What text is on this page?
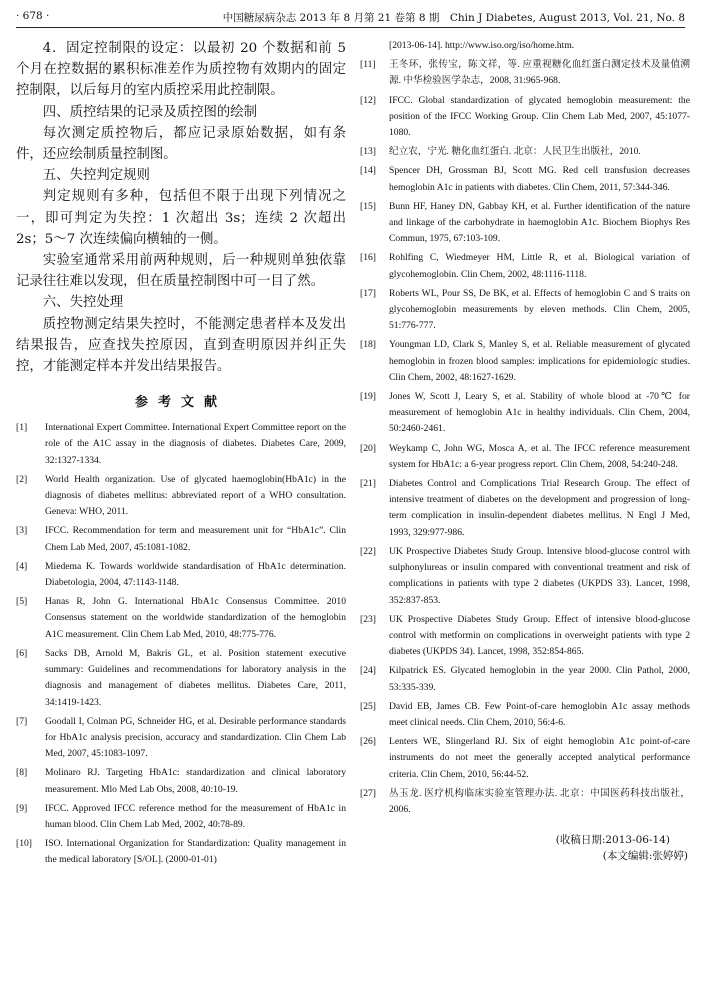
· 678 ·	中国糖尿病杂志 2013 年 8 月第 21 卷第 8 期　Chin J Diabetes, August 2013, Vol. 21, No. 8

4．固定控制限的设定：以最初 20 个数据和前 5 个月在控数据的累积标准差作为质控物有效期内的固定控制限，以后每月的室内质控采用此控制限。

四、质控结果的记录及质控图的绘制

每次测定质控物后，都应记录原始数据，如有条件，还应绘制质量控制图。

五、失控判定规则

判定规则有多种，包括但不限于出现下列情况之一，即可判定为失控：1 次超出 3s；连续 2 次超出 2s；5～7 次连续偏向横轴的一侧。

实验室通常采用前两种规则，后一种规则单独依靠记录往往难以发现，但在质量控制图中可一目了然。

六、失控处理

质控物测定结果失控时，不能测定患者样本及发出结果报告，应查找失控原因，直到查明原因并纠正失控，才能测定样本并发出结果报告。

参考文献

[1] International Expert Committee. International Expert Committee report on the role of the A1C assay in the diagnosis of diabetes. Diabetes Care, 2009, 32:1327-1334.

[2] World Health organization. Use of glycated haemoglobin(HbA1c) in the diagnosis of diabetes mellitus: abbreviated report of a WHO consultation. Geneva: WHO, 2011.

[3] IFCC. Recommendation for term and measurement unit for “HbA1c”. Clin Chem Lab Med, 2007, 45:1081-1082.

[4] Miedema K. Towards worldwide standardisation of HbA1c determination. Diabetologia, 2004, 47:1143-1148.

[5] Hanas R, John G. International HbA1c Consensus Committee. 2010 Consensus statement on the worldwide standardization of the hemoglobin A1C measurement. Clin Chem Lab Med, 2010, 48:775-776.

[6] Sacks DB, Arnold M, Bakris GL, et al. Position statement executive summary: Guidelines and recommendations for laboratory analysis in the diagnosis and management of diabetes mellitus. Diabetes Care, 2011, 34:1419-1423.

[7] Goodall I, Colman PG, Schneider HG, et al. Desirable performance standards for HbA1c analysis precision, accuracy and standardization. Clin Chem Lab Med, 2007, 45:1083-1097.

[8] Molinaro RJ. Targeting HbA1c: standardization and clinical laboratory measurement. Mlo Med Lab Obs, 2008, 40:10-19.

[9] IFCC. Approved IFCC reference method for the measurement of HbA1c in human blood. Clin Chem Lab Med, 2002, 40:78-89.

[10] ISO. International Organization for Standardization: Quality management in the medical laboratory [S/OL]. (2000-01-01)

[2013-06-14]. http://www.iso.org/iso/home.htm.

[11] 王冬环，张传宝，陈文祥，等. 应重视糖化血红蛋白测定技术及量值溯源. 中华检验医学杂志，2008, 31:965-968.

[12] IFCC. Global standardization of glycated hemoglobin measurement: the position of the IFCC Working Group. Clin Chem Lab Med, 2007, 45:1077-1080.

[13] 纪立农，宁光. 糖化血红蛋白. 北京：人民卫生出版社，2010.

[14] Spencer DH, Grossman BJ, Scott MG. Red cell transfusion decreases hemoglobin A1c in patients with diabetes. Clin Chem, 2011, 57:344-346.

[15] Bunn HF, Haney DN, Gabbay KH, et al. Further identification of the nature and linkage of the carbohydrate in haemoglobin A1c. Biochem Biophys Res Commun, 1975, 67:103-109.

[16] Rohlfing C, Wiedmeyer HM, Little R, et al. Biological variation of glycohemoglobin. Clin Chem, 2002, 48:1116-1118.

[17] Roberts WL, Pour SS, De BK, et al. Effects of hemoglobin C and S traits on glycohemoglobin measurements by eleven methods. Clin Chem, 2005, 51:776-777.

[18] Youngman LD, Clark S, Manley S, et al. Reliable measurement of glycated hemoglobin in frozen blood samples: implications for epidemiologic studies. Clin Chem, 2002, 48:1627-1629.

[19] Jones W, Scott J, Leary S, et al. Stability of whole blood at -70℃ for measurement of hemoglobin A1c in healthy individuals. Clin Chem, 2004, 50:2460-2461.

[20] Weykamp C, John WG, Mosca A, et al. The IFCC reference measurement system for HbA1c: a 6-year progress report. Clin Chem, 2008, 54:240-248.

[21] Diabetes Control and Complications Trial Research Group. The effect of intensive treatment of diabetes on the development and progression of long-term complication in insulin-dependent diabetes mellitus. N Engl J Med, 1993, 329:977-986.

[22] UK Prospective Diabetes Study Group. Intensive blood-glucose control with sulphonylureas or insulin compared with conventional treatment and risk of complications in patients with type 2 diabetes (UKPDS 33). Lancet, 1998, 352:837-853.

[23] UK Prospective Diabetes Study Group. Effect of intensive blood-glucose control with metformin on complications in overweight patients with type 2 diabetes (UKPDS 34). Lancet, 1998, 352:854-865.

[24] Kilpatrick ES. Glycated hemoglobin in the year 2000. Clin Pathol, 2000, 53:335-339.

[25] David EB, James CB. Few Point-of-care hemoglobin A1c assay methods meet clinical needs. Clin Chem, 2010, 56:4-6.

[26] Lenters WE, Slingerland RJ. Six of eight hemoglobin A1c point-of-care instruments do not meet the generally accepted analytical performance criteria. Clin Chem, 2010, 56:44-52.

[27] 丛玉龙. 医疗机构临床实验室管理办法. 北京：中国医药科技出版社，2006.

(收稿日期:2013-06-14)
(本文编辑:张婷婷)
